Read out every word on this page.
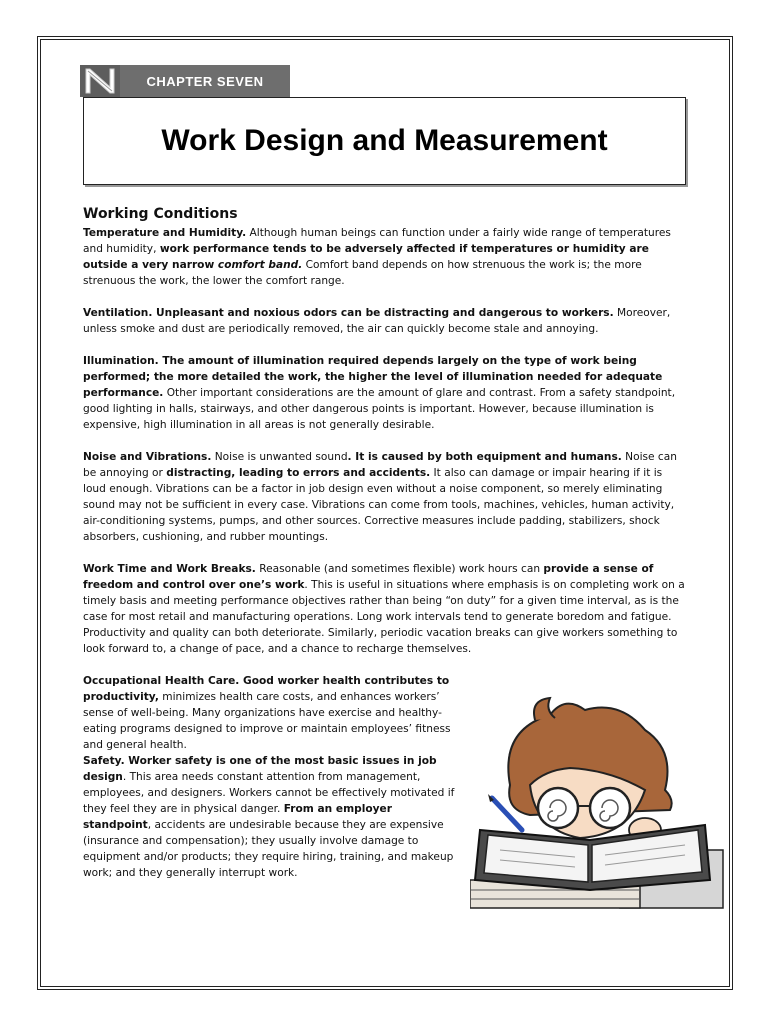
CHAPTER SEVEN
Work Design and Measurement
Working Conditions

Temperature and Humidity. Although human beings can function under a fairly wide range of temperatures and humidity, work performance tends to be adversely affected if temperatures or humidity are outside a very narrow comfort band. Comfort band depends on how strenuous the work is; the more strenuous the work, the lower the comfort range.

Ventilation. Unpleasant and noxious odors can be distracting and dangerous to workers. Moreover, unless smoke and dust are periodically removed, the air can quickly become stale and annoying.

Illumination. The amount of illumination required depends largely on the type of work being performed; the more detailed the work, the higher the level of illumination needed for adequate performance. Other important considerations are the amount of glare and contrast. From a safety standpoint, good lighting in halls, stairways, and other dangerous points is important. However, because illumination is expensive, high illumination in all areas is not generally desirable.

Noise and Vibrations. Noise is unwanted sound. It is caused by both equipment and humans. Noise can be annoying or distracting, leading to errors and accidents. It also can damage or impair hearing if it is loud enough. Vibrations can be a factor in job design even without a noise component, so merely eliminating sound may not be sufficient in every case. Vibrations can come from tools, machines, vehicles, human activity, air-conditioning systems, pumps, and other sources. Corrective measures include padding, stabilizers, shock absorbers, cushioning, and rubber mountings.

Work Time and Work Breaks. Reasonable (and sometimes flexible) work hours can provide a sense of freedom and control over one’s work. This is useful in situations where emphasis is on completing work on a timely basis and meeting performance objectives rather than being “on duty” for a given time interval, as is the case for most retail and manufacturing operations. Long work intervals tend to generate boredom and fatigue. Productivity and quality can both deteriorate. Similarly, periodic vacation breaks can give workers something to look forward to, a change of pace, and a chance to recharge themselves.

Occupational Health Care. Good worker health contributes to productivity, minimizes health care costs, and enhances workers’ sense of well-being. Many organizations have exercise and healthy-eating programs designed to improve or maintain employees’ fitness and general health.

Safety. Worker safety is one of the most basic issues in job design. This area needs constant attention from management, employees, and designers. Workers cannot be effectively motivated if they feel they are in physical danger. From an employer standpoint, accidents are undesirable because they are expensive (insurance and compensation); they usually involve damage to equipment and/or products; they require hiring, training, and makeup work; and they generally interrupt work.
